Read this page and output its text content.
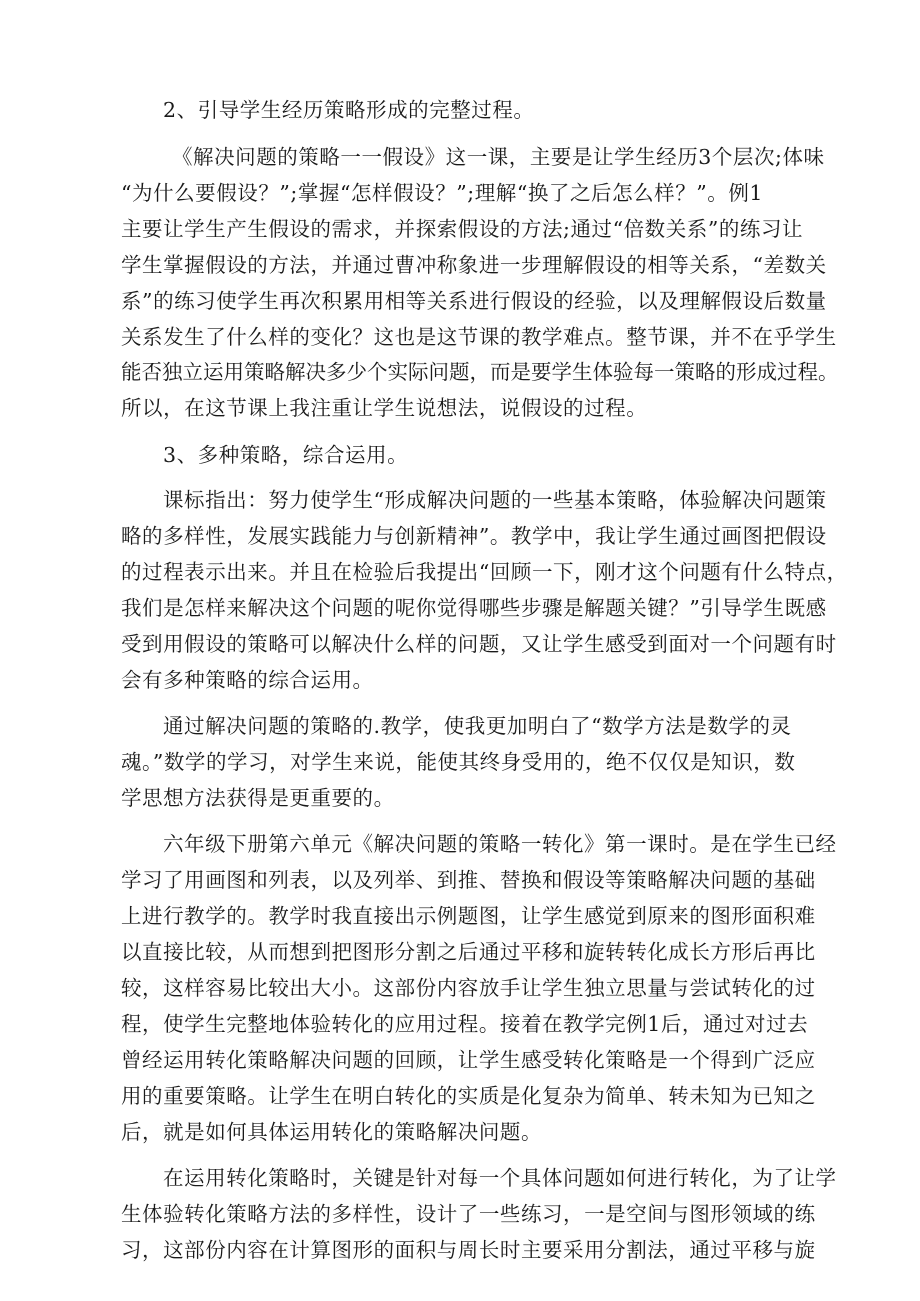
2、引导学生经历策略形成的完整过程。
《解决问题的策略一一假设》这一课，主要是让学生经历3个层次;体味
“为什么要假设？”;掌握“怎样假设？”;理解“换了之后怎么样？”。例1
主要让学生产生假设的需求，并探索假设的方法;通过“倍数关系”的练习让
学生掌握假设的方法，并通过曹冲称象进一步理解假设的相等关系，“差数关
系”的练习使学生再次积累用相等关系进行假设的经验，以及理解假设后数量
关系发生了什么样的变化？这也是这节课的教学难点。整节课，并不在乎学生
能否独立运用策略解决多少个实际问题，而是要学生体验每一策略的形成过程。
所以，在这节课上我注重让学生说想法，说假设的过程。
3、多种策略，综合运用。
课标指出：努力使学生“形成解决问题的一些基本策略，体验解决问题策
略的多样性，发展实践能力与创新精神”。教学中，我让学生通过画图把假设
的过程表示出来。并且在检验后我提出“回顾一下，刚才这个问题有什么特点，
我们是怎样来解决这个问题的呢你觉得哪些步骤是解题关键？”引导学生既感
受到用假设的策略可以解决什么样的问题，又让学生感受到面对一个问题有时
会有多种策略的综合运用。
通过解决问题的策略的.教学，使我更加明白了“数学方法是数学的灵
魂。”数学的学习，对学生来说，能使其终身受用的，绝不仅仅是知识，数
学思想方法获得是更重要的。
六年级下册第六单元《解决问题的策略一转化》第一课时。是在学生已经
学习了用画图和列表，以及列举、到推、替换和假设等策略解决问题的基础
上进行教学的。教学时我直接出示例题图，让学生感觉到原来的图形面积难
以直接比较，从而想到把图形分割之后通过平移和旋转转化成长方形后再比
较，这样容易比较出大小。这部份内容放手让学生独立思量与尝试转化的过
程，使学生完整地体验转化的应用过程。接着在教学完例1后，通过对过去
曾经运用转化策略解决问题的回顾，让学生感受转化策略是一个得到广泛应
用的重要策略。让学生在明白转化的实质是化复杂为简单、转未知为已知之
后，就是如何具体运用转化的策略解决问题。
在运用转化策略时，关键是针对每一个具体问题如何进行转化，为了让学
生体验转化策略方法的多样性，设计了一些练习，一是空间与图形领域的练
习，这部份内容在计算图形的面积与周长时主要采用分割法，通过平移与旋
